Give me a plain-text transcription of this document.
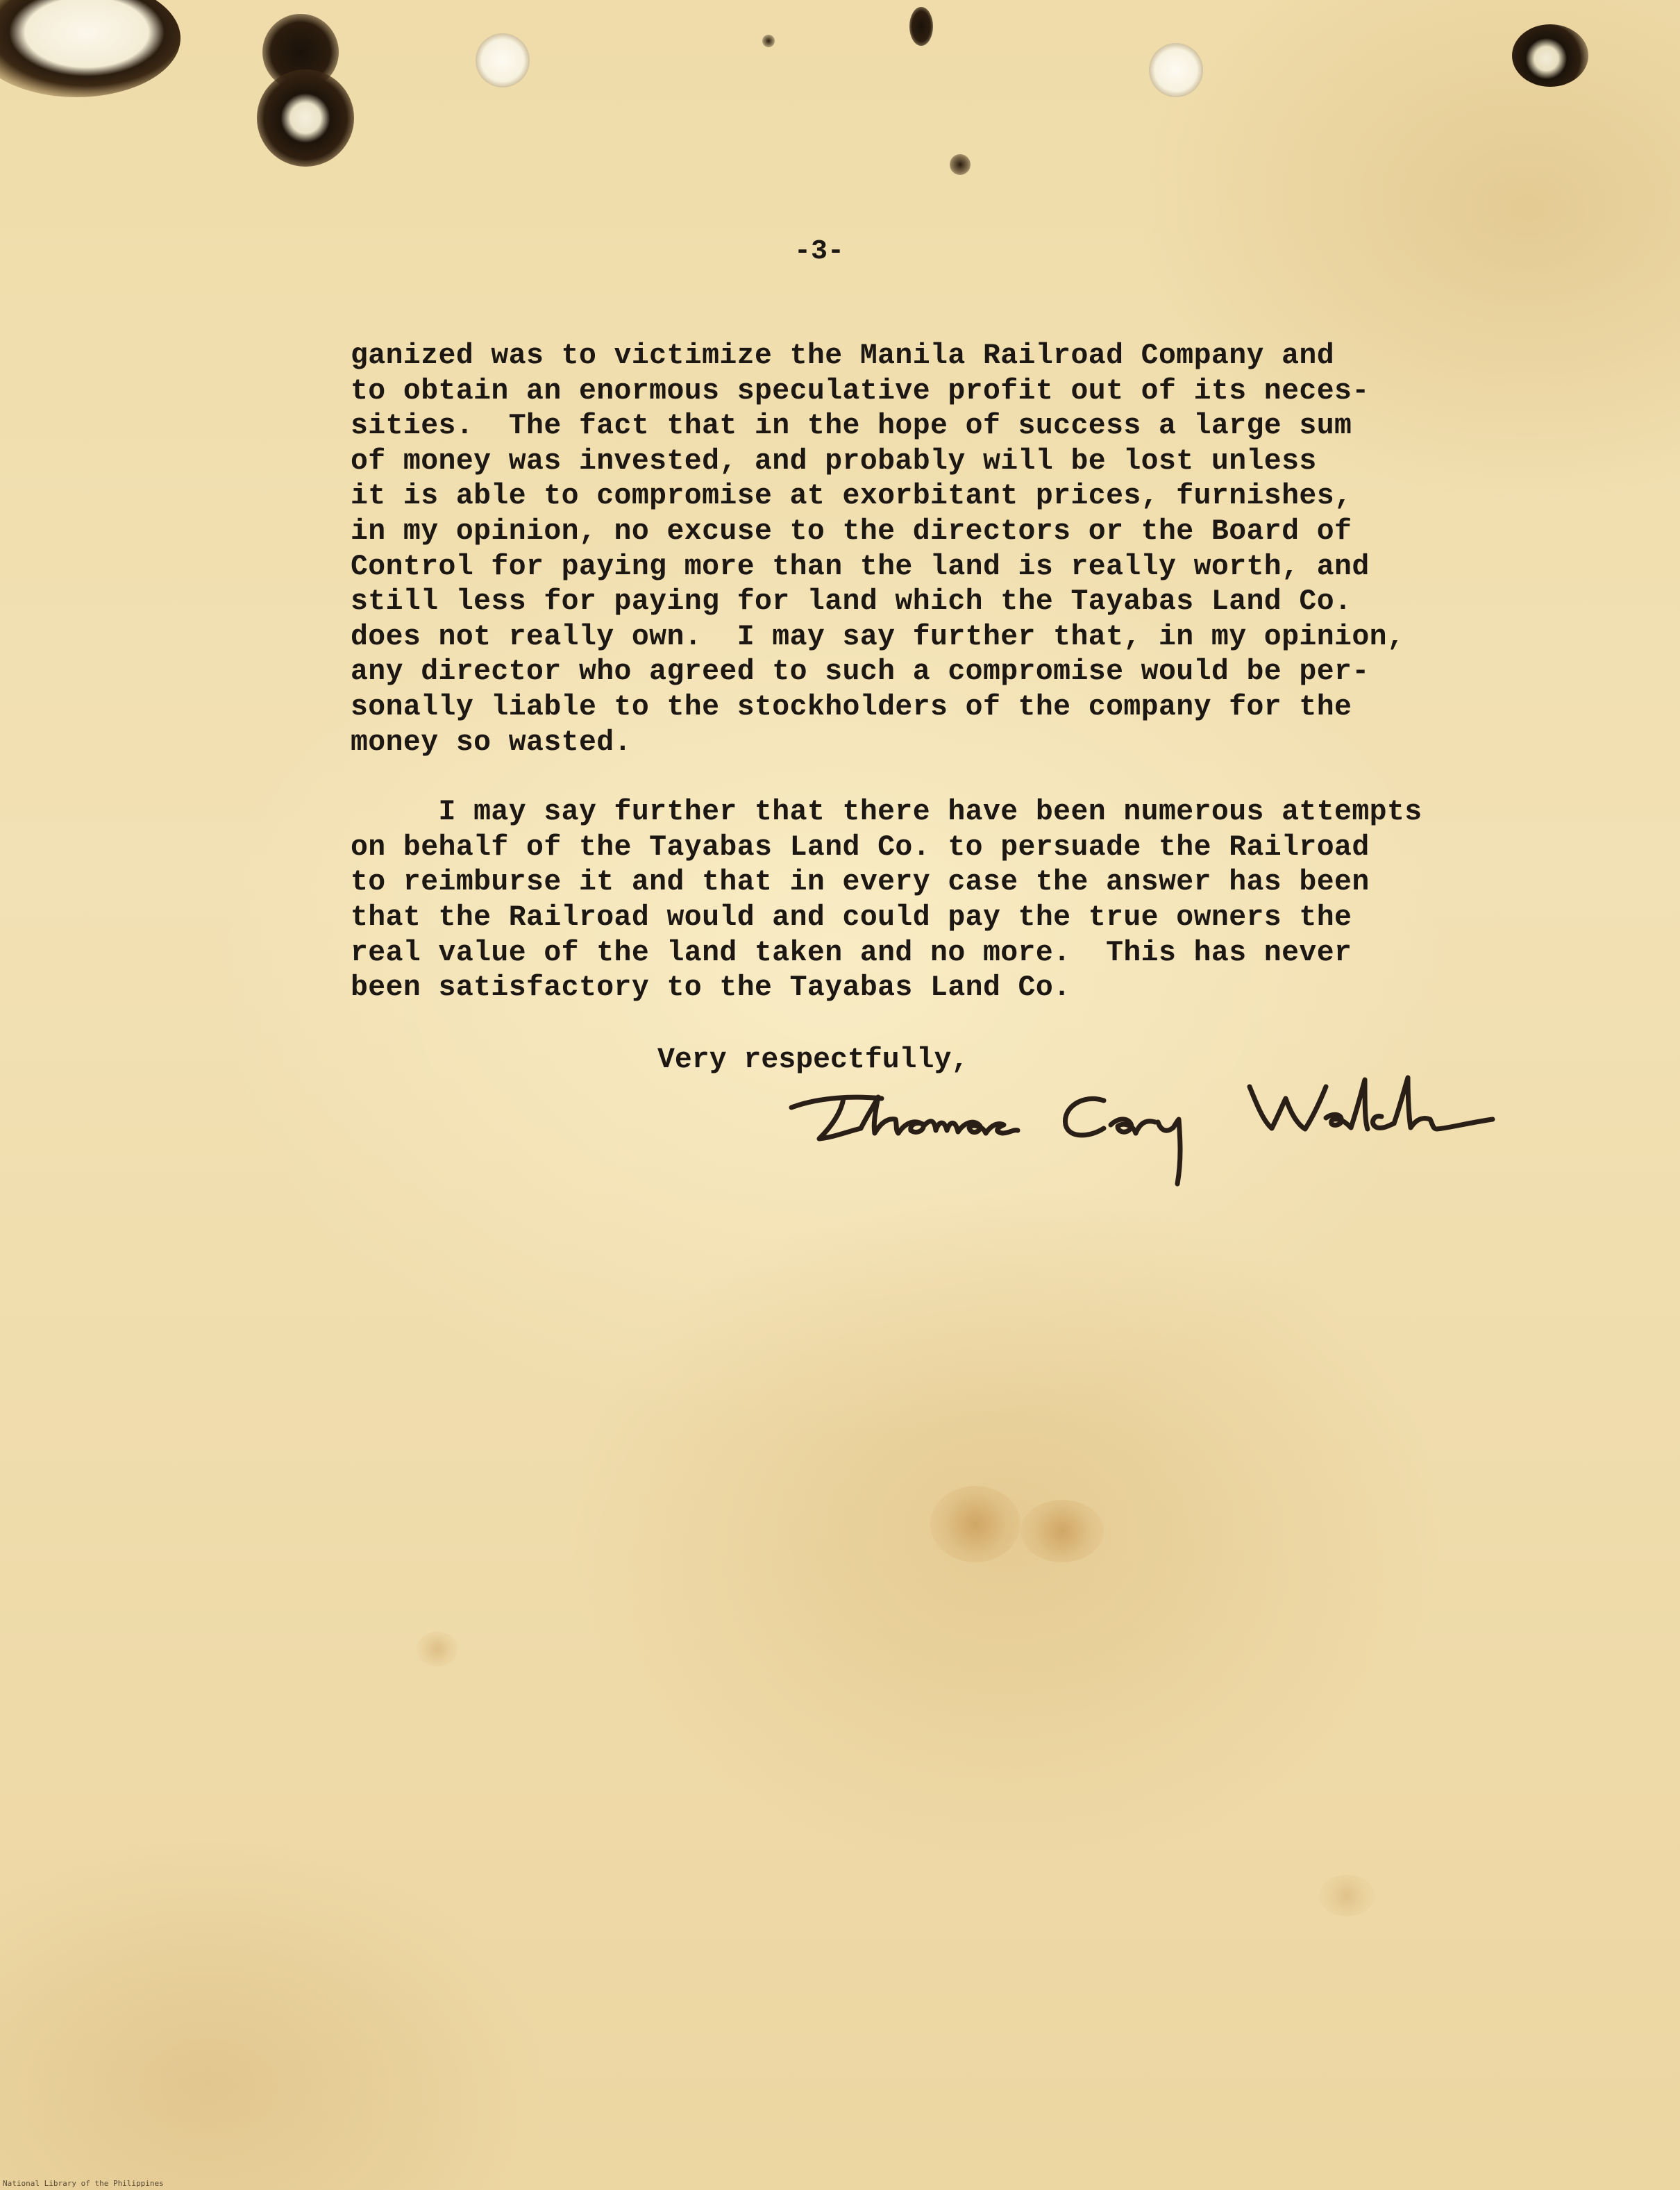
-3-
ganized was to victimize the Manila Railroad Company and
to obtain an enormous speculative profit out of its neces-
sities.  The fact that in the hope of success a large sum
of money was invested, and probably will be lost unless
it is able to compromise at exorbitant prices, furnishes,
in my opinion, no excuse to the directors or the Board of
Control for paying more than the land is really worth, and
still less for paying for land which the Tayabas Land Co.
does not really own.  I may say further that, in my opinion,
any director who agreed to such a compromise would be per-
sonally liable to the stockholders of the company for the
money so wasted.
I may say further that there have been numerous attempts
on behalf of the Tayabas Land Co. to persuade the Railroad
to reimburse it and that in every case the answer has been
that the Railroad would and could pay the true owners the
real value of the land taken and no more.  This has never
been satisfactory to the Tayabas Land Co.
Very respectfully,
National Library of the Philippines
